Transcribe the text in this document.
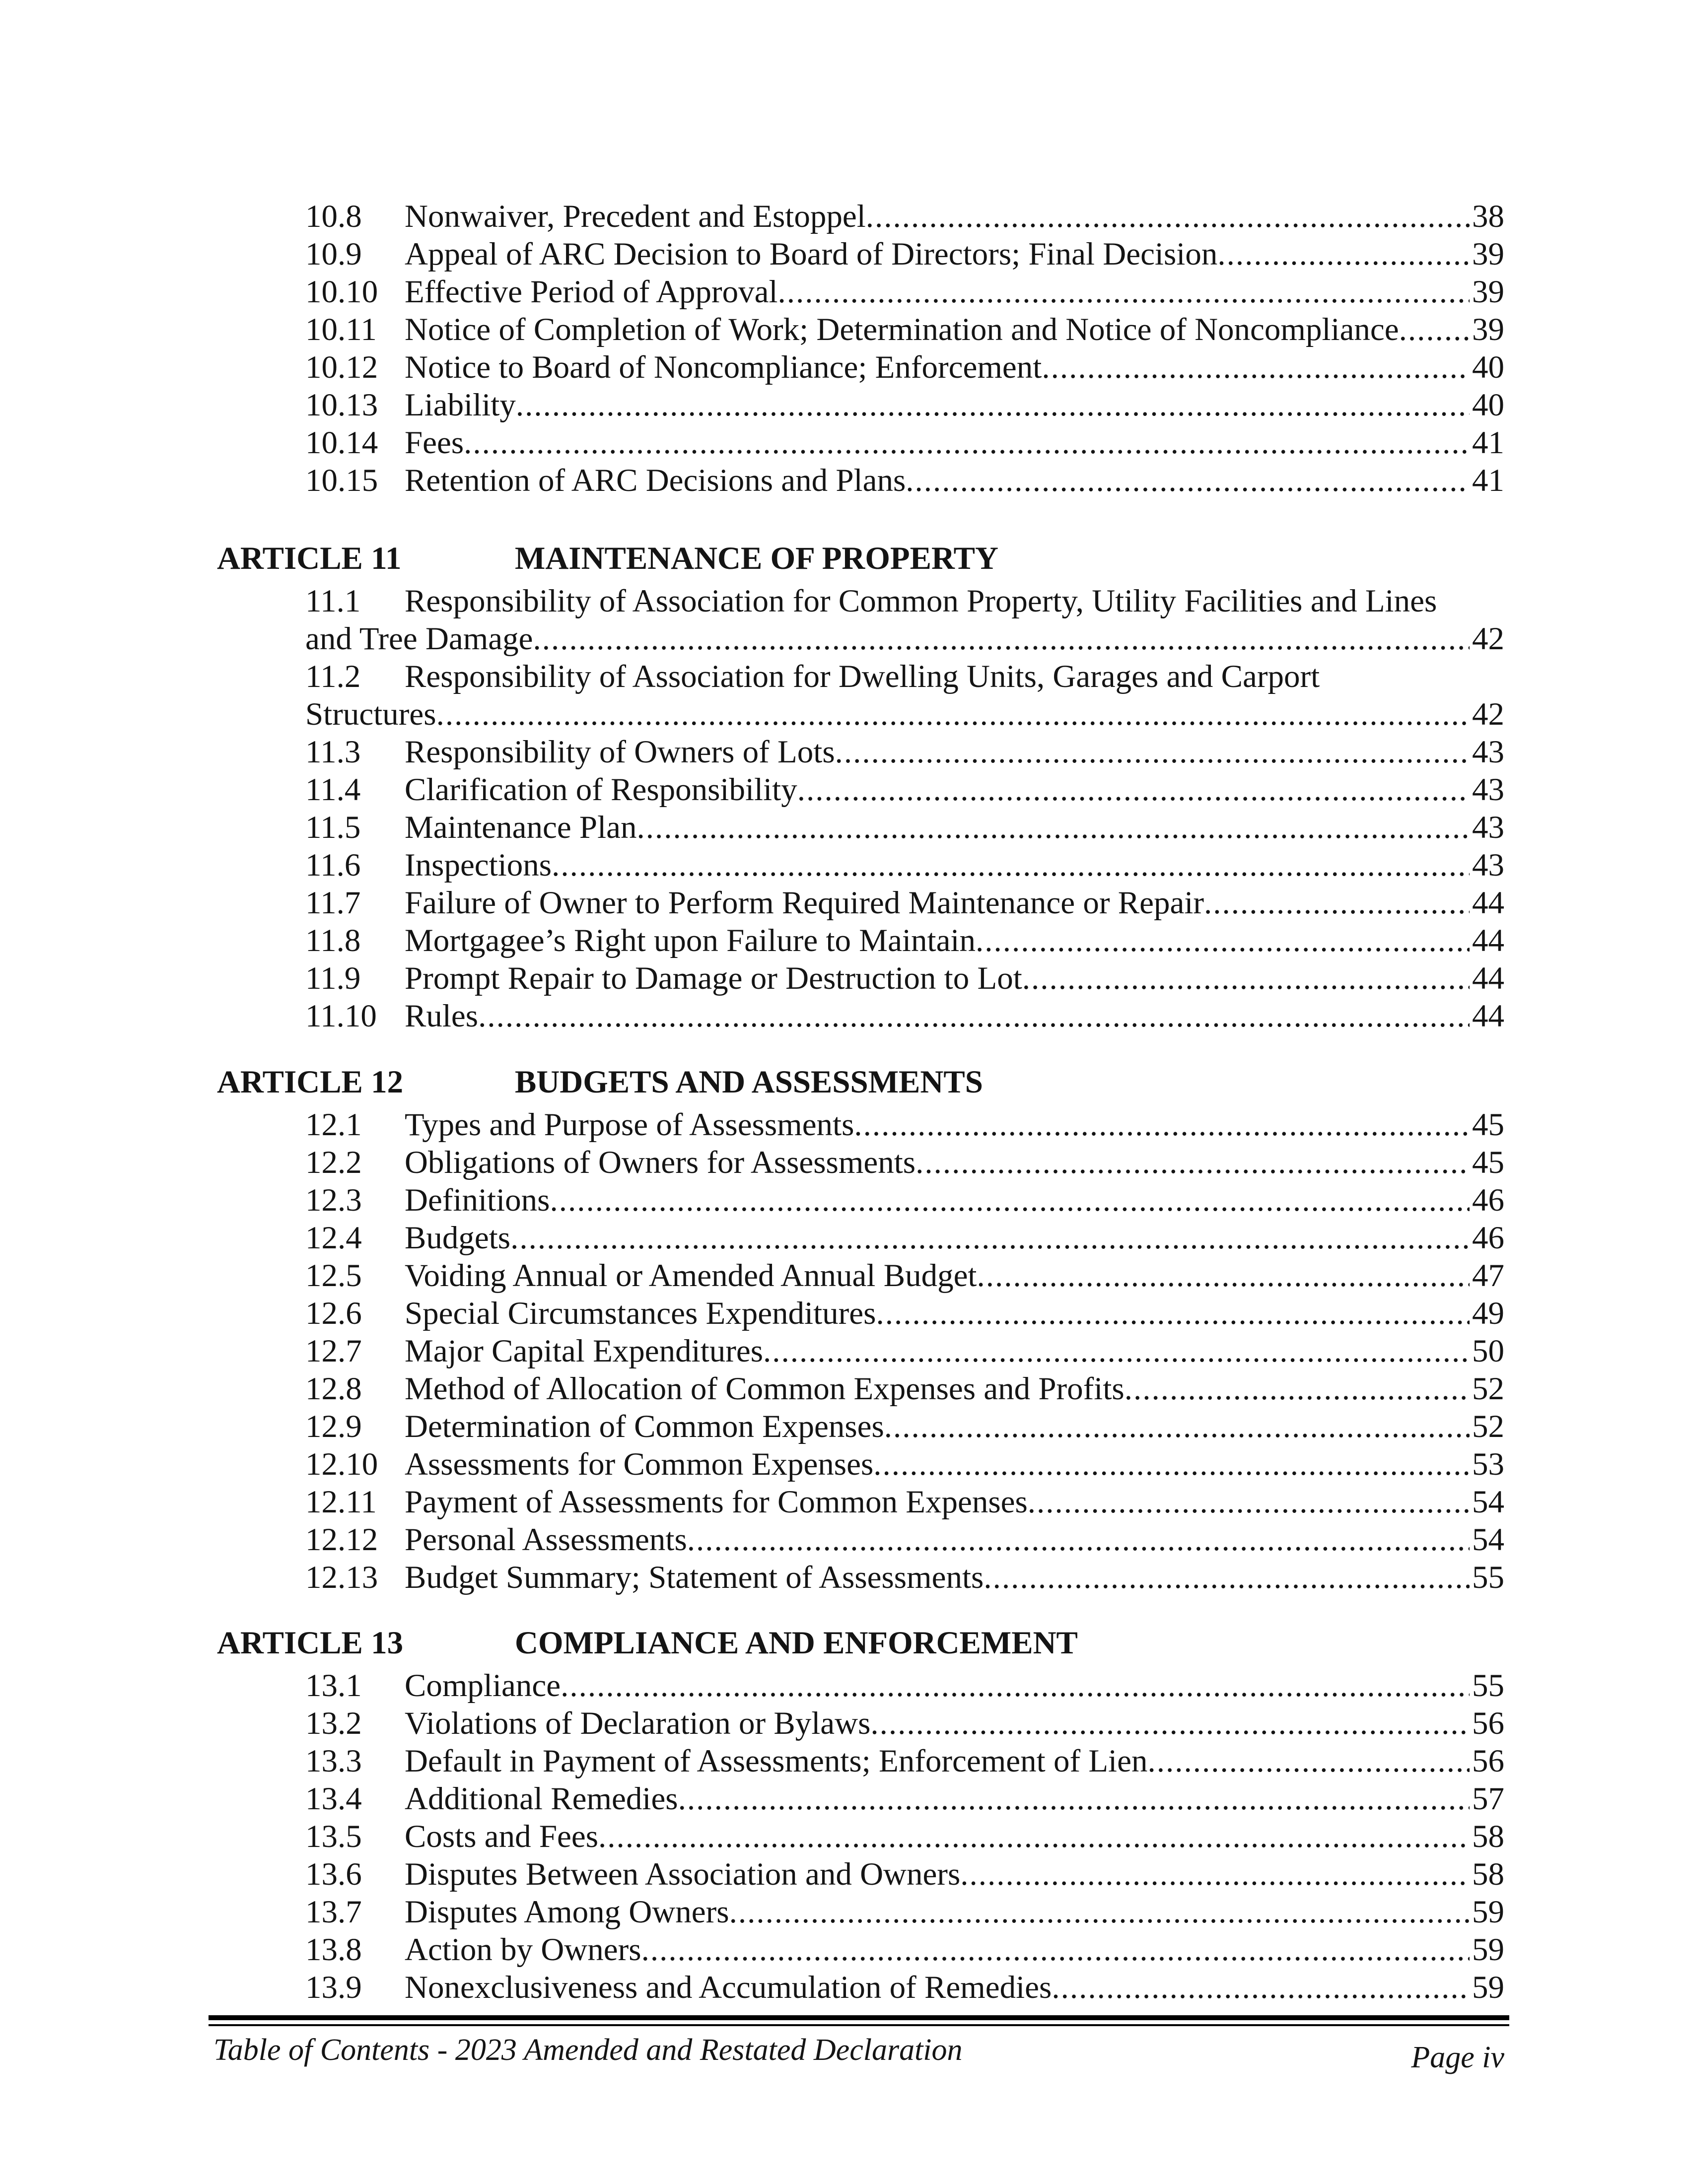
Table of Contents - 2023 Amended and Restated Declaration	Page iv
10.8 Nonwaiver, Precedent and Estoppel .....	38
10.9 Appeal of ARC Decision to Board of Directors; Final Decision .....	39
10.10 Effective Period of Approval .....	39
10.11 Notice of Completion of Work; Determination and Notice of Noncompliance ..... 39
10.12 Notice to Board of Noncompliance; Enforcement .....	40
10.13 Liability .....	40
10.14 Fees .....	41
10.15 Retention of ARC Decisions and Plans .....	41
ARTICLE 11	MAINTENANCE OF PROPERTY
11.1 Responsibility of Association for Common Property, Utility Facilities and Lines
and Tree Damage .....	42
11.2 Responsibility of Association for Dwelling Units, Garages and Carport
Structures .....	42
11.3 Responsibility of Owners of Lots .....	43
11.4 Clarification of Responsibility .....	43
11.5 Maintenance Plan .....	43
11.6 Inspections .....	43
11.7 Failure of Owner to Perform Required Maintenance or Repair .....	44
11.8 Mortgagee’s Right upon Failure to Maintain .....	44
11.9 Prompt Repair to Damage or Destruction to Lot .....	44
11.10 Rules .....	44
ARTICLE 12	BUDGETS AND ASSESSMENTS
12.1 Types and Purpose of Assessments .....	45
12.2 Obligations of Owners for Assessments .....	45
12.3 Definitions .....	46
12.4 Budgets .....	46
12.5 Voiding Annual or Amended Annual Budget .....	47
12.6 Special Circumstances Expenditures .....	49
12.7 Major Capital Expenditures .....	50
12.8 Method of Allocation of Common Expenses and Profits .....	52
12.9 Determination of Common Expenses .....	52
12.10 Assessments for Common Expenses .....	53
12.11 Payment of Assessments for Common Expenses .....	54
12.12 Personal Assessments .....	54
12.13 Budget Summary; Statement of Assessments .....	55
ARTICLE 13	COMPLIANCE AND ENFORCEMENT
13.1 Compliance .....	55
13.2 Violations of Declaration or Bylaws .....	56
13.3 Default in Payment of Assessments; Enforcement of Lien .....	56
13.4 Additional Remedies .....	57
13.5 Costs and Fees .....	58
13.6 Disputes Between Association and Owners .....	58
13.7 Disputes Among Owners .....	59
13.8 Action by Owners .....	59
13.9 Nonexclusiveness and Accumulation of Remedies .....	59
